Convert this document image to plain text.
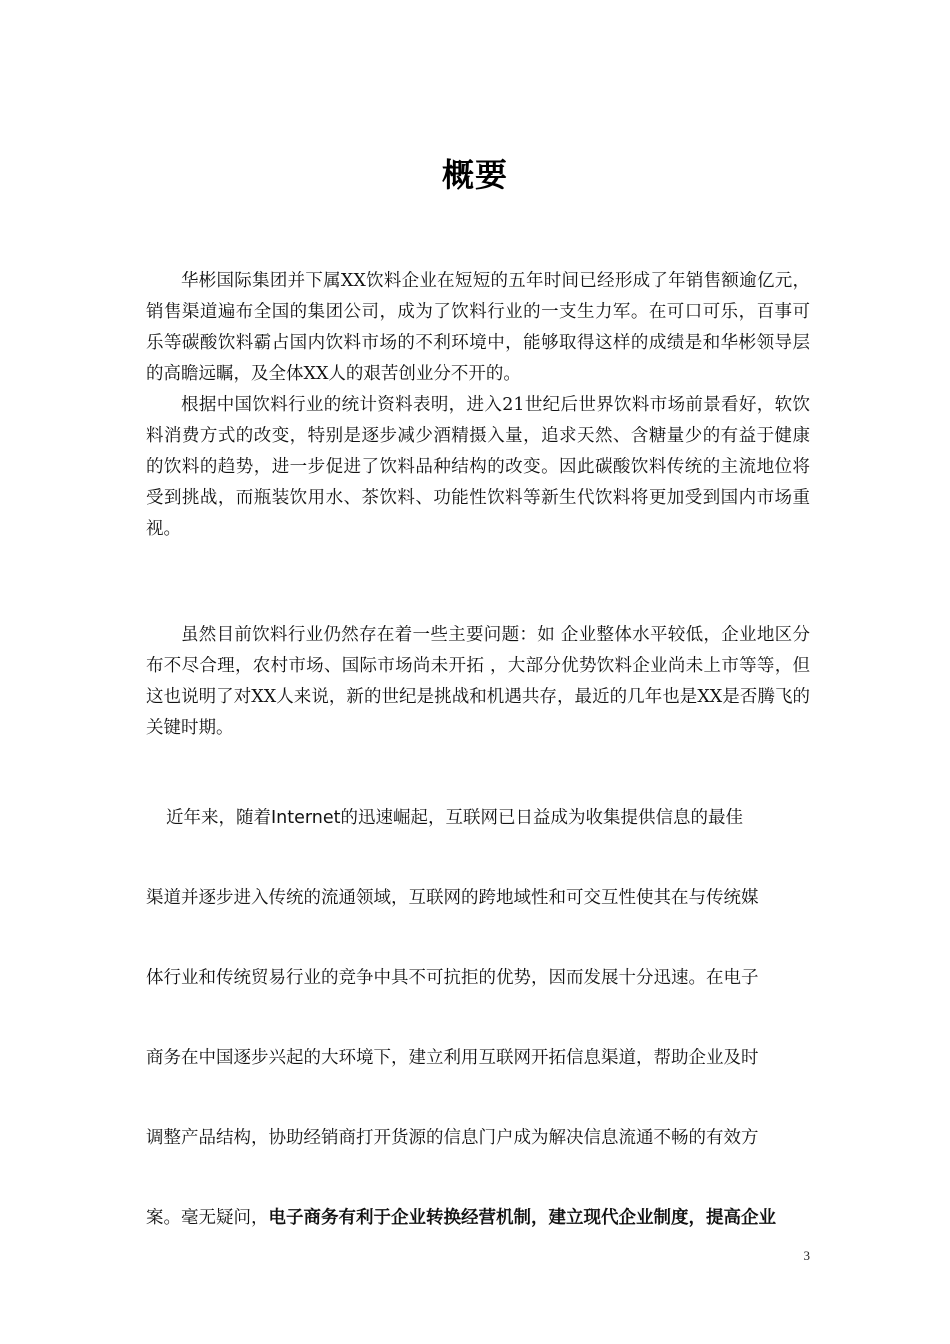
概要

华彬国际集团并下属XX饮料企业在短短的五年时间已经形成了年销售额逾亿元，销售渠道遍布全国的集团公司，成为了饮料行业的一支生力军。在可口可乐，百事可乐等碳酸饮料霸占国内饮料市场的不利环境中，能够取得这样的成绩是和华彬领导层的高瞻远瞩，及全体XX人的艰苦创业分不开的。

根据中国饮料行业的统计资料表明，进入21世纪后世界饮料市场前景看好，软饮料消费方式的改变，特别是逐步减少酒精摄入量，追求天然、含糖量少的有益于健康的饮料的趋势，进一步促进了饮料品种结构的改变。因此碳酸饮料传统的主流地位将受到挑战，而瓶装饮用水、茶饮料、功能性饮料等新生代饮料将更加受到国内市场重视。

虽然目前饮料行业仍然存在着一些主要问题：如 企业整体水平较低，企业地区分布不尽合理，农村市场、国际市场尚未开拓 ，大部分优势饮料企业尚未上市等等，但这也说明了对XX人来说，新的世纪是挑战和机遇共存，最近的几年也是XX是否腾飞的关键时期。

近年来，随着Internet的迅速崛起，互联网已日益成为收集提供信息的最佳
渠道并逐步进入传统的流通领域，互联网的跨地域性和可交互性使其在与传统媒
体行业和传统贸易行业的竞争中具不可抗拒的优势，因而发展十分迅速。在电子
商务在中国逐步兴起的大环境下，建立利用互联网开拓信息渠道，帮助企业及时
调整产品结构，协助经销商打开货源的信息门户成为解决信息流通不畅的有效方
案。毫无疑问，电子商务有利于企业转换经营机制，建立现代企业制度，提高企业
3
